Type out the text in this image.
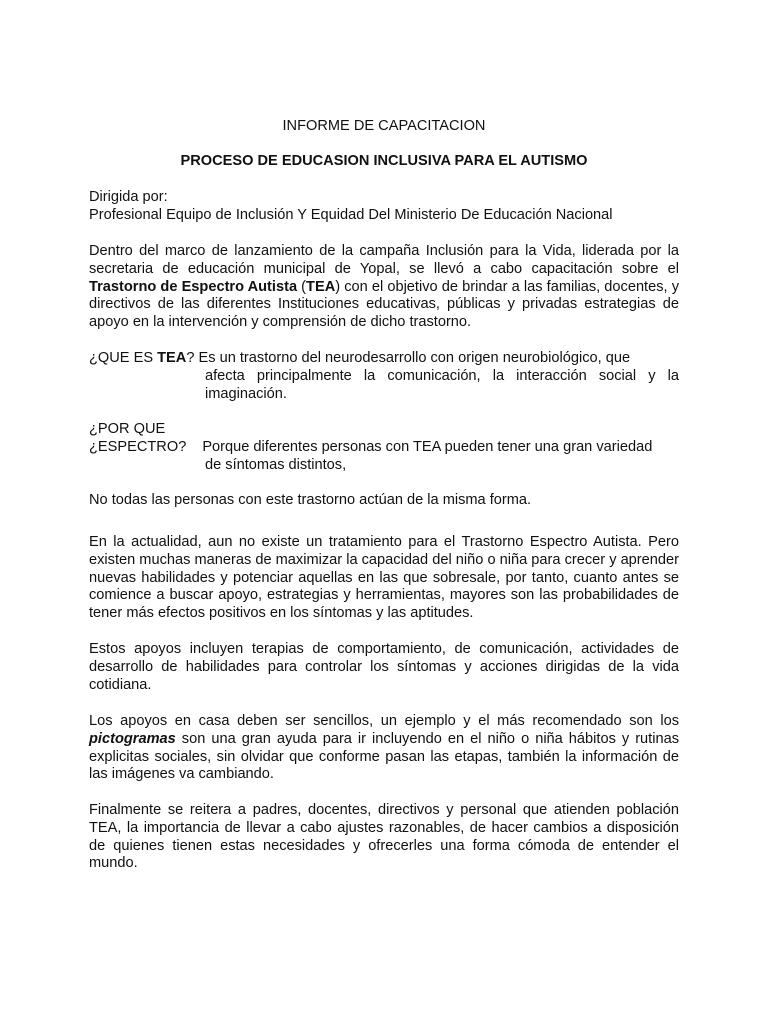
INFORME DE CAPACITACION
PROCESO DE EDUCASION INCLUSIVA PARA EL AUTISMO

Dirigida por:

Profesional Equipo de Inclusión Y Equidad Del Ministerio De Educación Nacional

Dentro del marco de lanzamiento de la campaña Inclusión para la Vida, liderada por la secretaria de educación municipal de Yopal, se llevó a cabo capacitación sobre el Trastorno de Espectro Autista (TEA) con el objetivo de brindar a las familias, docentes, y directivos de las diferentes Instituciones educativas, públicas y privadas estrategias de apoyo en la intervención y comprensión de dicho trastorno.

¿QUE ES TEA? Es un trastorno del neurodesarrollo con origen neurobiológico, que

afecta principalmente la comunicación, la interacción social y la imaginación.

¿POR QUE

¿ESPECTRO? Porque diferentes personas con TEA pueden tener una gran variedad

de síntomas distintos,

No todas las personas con este trastorno actúan de la misma forma.

En la actualidad, aun no existe un tratamiento para el Trastorno Espectro Autista. Pero existen muchas maneras de maximizar la capacidad del niño o niña para crecer y aprender nuevas habilidades y potenciar aquellas en las que sobresale, por tanto, cuanto antes se comience a buscar apoyo, estrategias y herramientas, mayores son las probabilidades de tener más efectos positivos en los síntomas y las aptitudes.

Estos apoyos incluyen terapias de comportamiento, de comunicación, actividades de desarrollo de habilidades para controlar los síntomas y acciones dirigidas de la vida cotidiana.

Los apoyos en casa deben ser sencillos, un ejemplo y el más recomendado son los pictogramas son una gran ayuda para ir incluyendo en el niño o niña hábitos y rutinas explicitas sociales, sin olvidar que conforme pasan las etapas, también la información de las imágenes va cambiando.

Finalmente se reitera a padres, docentes, directivos y personal que atienden población TEA, la importancia de llevar a cabo ajustes razonables, de hacer cambios a disposición de quienes tienen estas necesidades y ofrecerles una forma cómoda de entender el mundo.
